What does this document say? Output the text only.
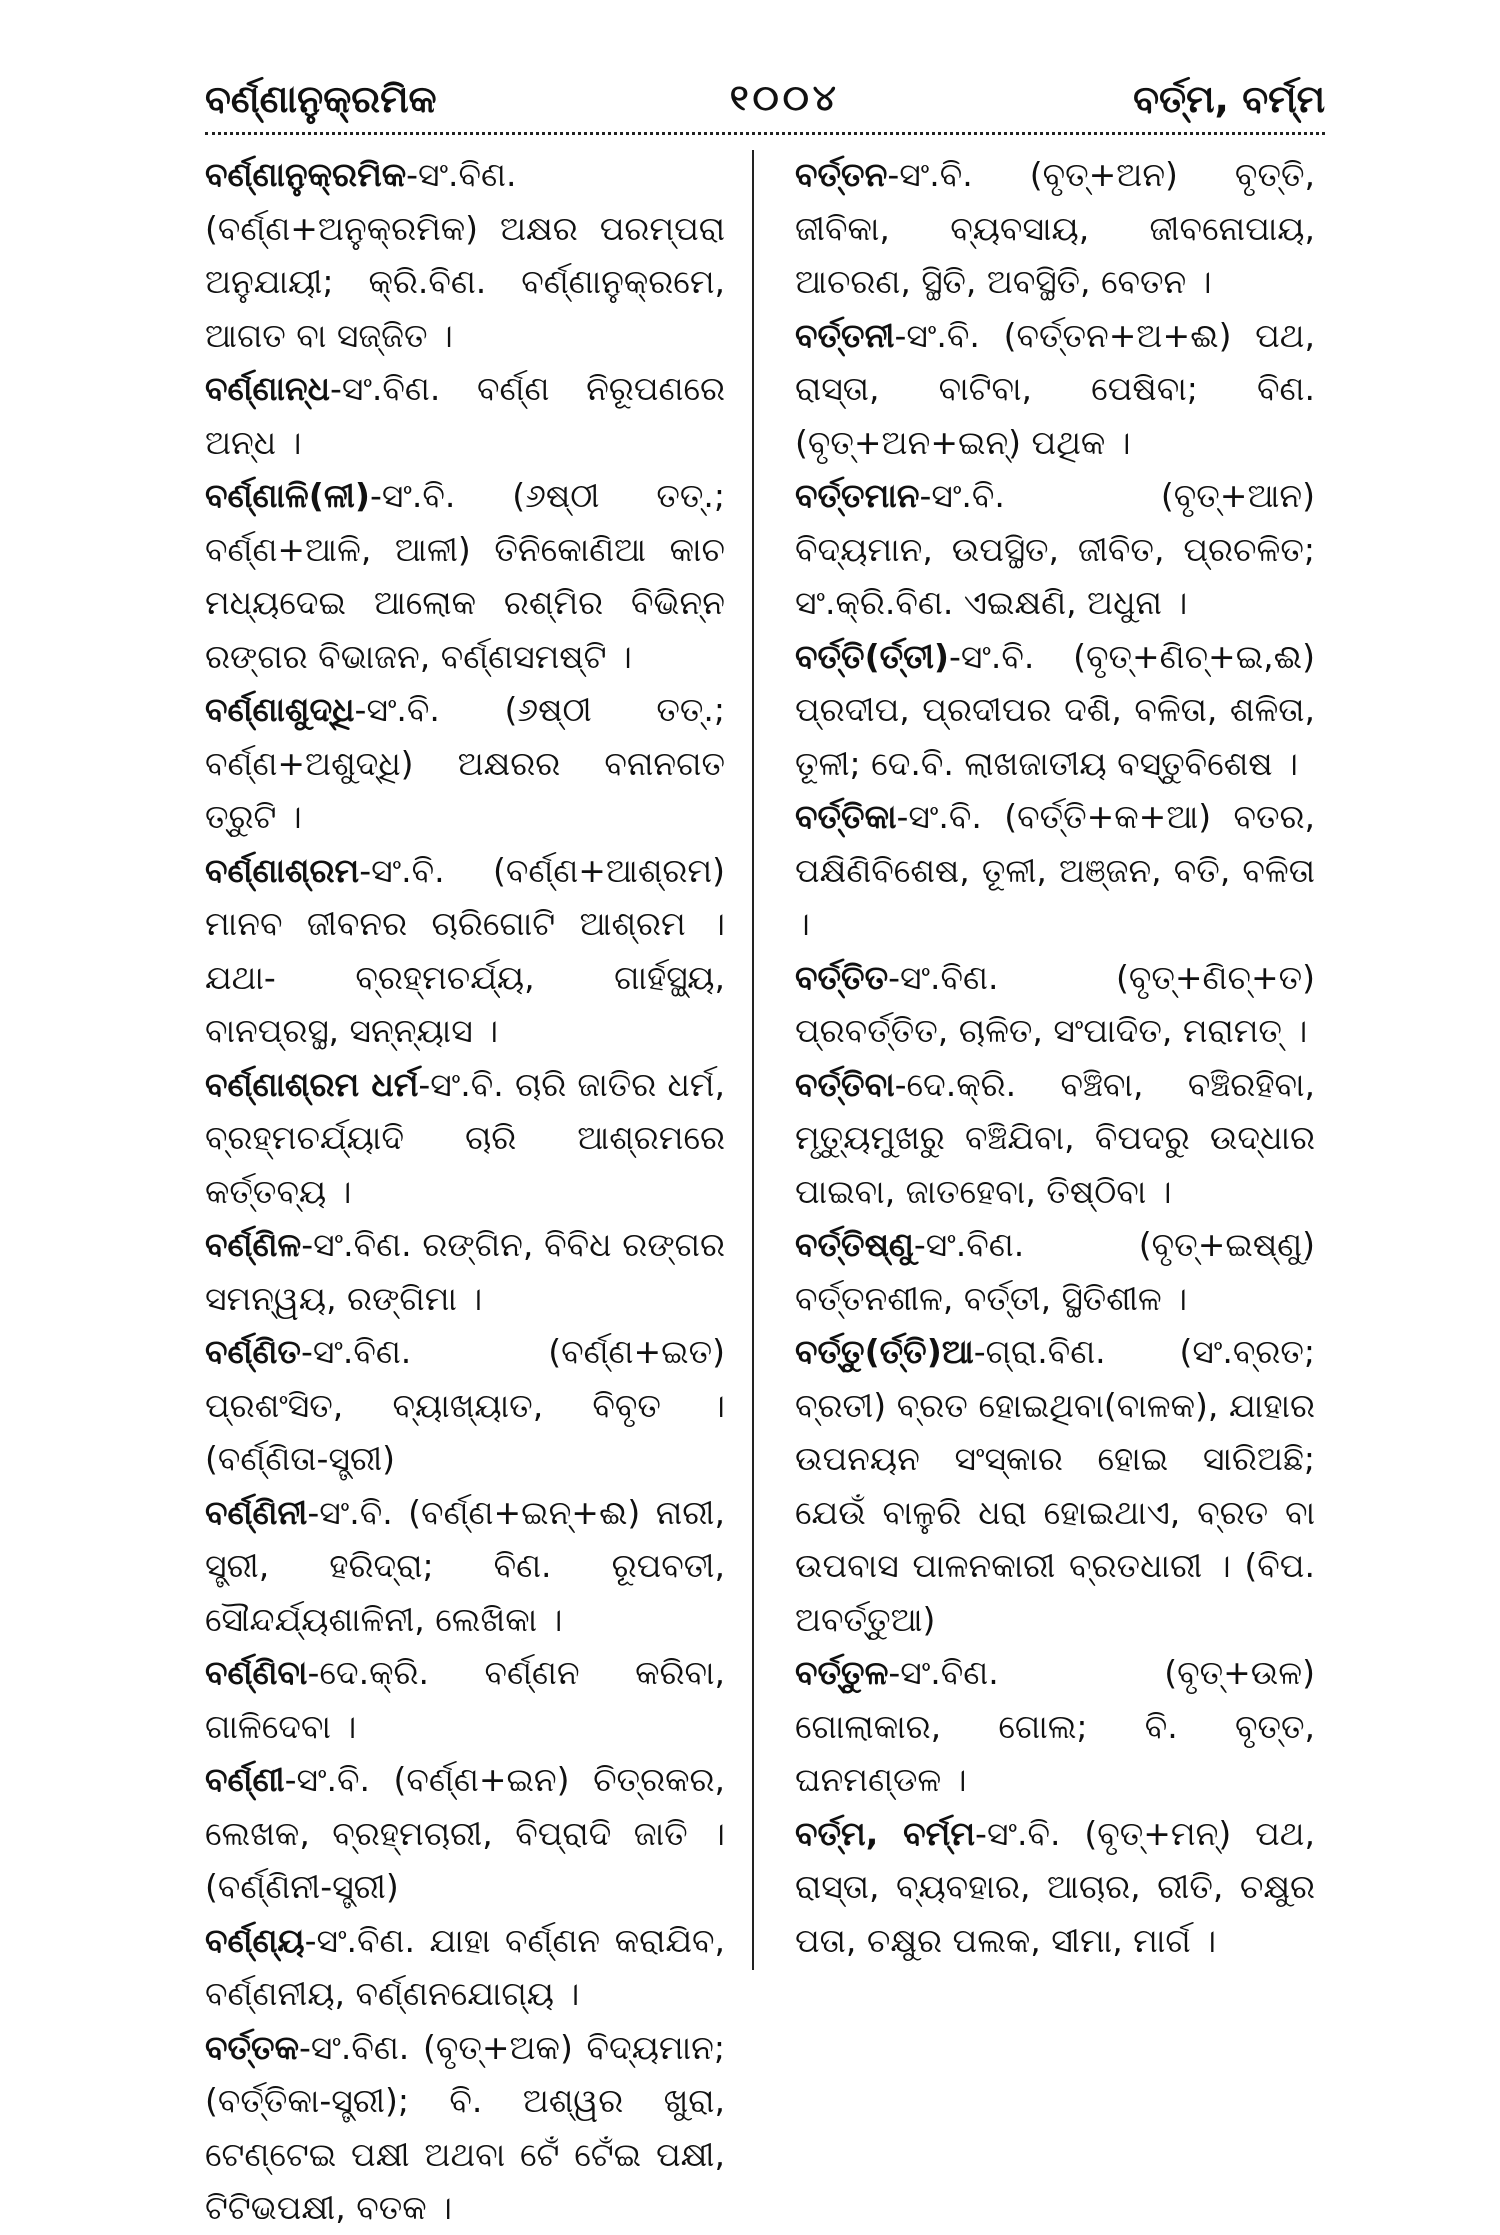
ବର୍ଣ୍ଣାନୁକ୍ରମିକ	୧୦୦୪	ବର୍ତ୍ମ, ବର୍ମ୍ମ

ବର୍ଣ୍ଣାନୁକ୍ରମିକ-ସଂ.ବିଣ.(ବର୍ଣ୍ଣ+ଅନୁକ୍ରମିକ) ଅକ୍ଷର ପରମ୍ପରା ଅନୁଯାୟୀ; କ୍ରି.ବିଣ. ବର୍ଣ୍ଣାନୁକ୍ରମେ, ଆଗତ ବା ସଜ୍ଜିତ ।

ବର୍ଣ୍ଣାନ୍ଧ-ସଂ.ବିଣ. ବର୍ଣ୍ଣ ନିରୂପଣରେ ଅନ୍ଧ ।

ବର୍ଣ୍ଣାଳି(ଳୀ)-ସଂ.ବି. (୬ଷ୍ଠୀ ତତ୍.; ବର୍ଣ୍ଣ+ଆଳି, ଆଳୀ) ତିନିକୋଣିଆ କାଚ ମଧ୍ୟଦେଇ ଆଲୋକ ରଶ୍ମିର ବିଭିନ୍ନ ରଙ୍ଗର ବିଭାଜନ, ବର୍ଣ୍ଣସମଷ୍ଟି ।

ବର୍ଣ୍ଣାଶୁଦ୍ଧି-ସଂ.ବି. (୬ଷ୍ଠୀ ତତ୍.; ବର୍ଣ୍ଣ+ଅଶୁଦ୍ଧି) ଅକ୍ଷରର ବନାନଗତ ତ୍ରୁଟି ।

ବର୍ଣ୍ଣାଶ୍ରମ-ସଂ.ବି. (ବର୍ଣ୍ଣ+ଆଶ୍ରମ) ମାନବ ଜୀବନର ଚାରିଗୋଟି ଆଶ୍ରମ । ଯଥା- ବ୍ରହ୍ମଚର୍ଯ୍ୟ, ଗାର୍ହସ୍ଥ୍ୟ, ବାନପ୍ରସ୍ଥ, ସନ୍ନ୍ୟାସ ।

ବର୍ଣ୍ଣାଶ୍ରମ ଧର୍ମ-ସଂ.ବି. ଚାରି ଜାତିର ଧର୍ମ, ବ୍ରହ୍ମଚର୍ଯ୍ୟାଦି ଚାରି ଆଶ୍ରମରେ କର୍ତ୍ତବ୍ୟ ।

ବର୍ଣ୍ଣିଳ-ସଂ.ବିଣ. ରଙ୍ଗିନ, ବିବିଧ ରଙ୍ଗର ସମନ୍ୱୟ, ରଙ୍ଗିମା ।

ବର୍ଣ୍ଣିତ-ସଂ.ବିଣ. (ବର୍ଣ୍ଣ+ଇତ) ପ୍ରଶଂସିତ, ବ୍ୟାଖ୍ୟାତ, ବିବୃତ । (ବର୍ଣ୍ଣିତା-ସ୍ତ୍ରୀ)

ବର୍ଣ୍ଣିନୀ-ସଂ.ବି. (ବର୍ଣ୍ଣ+ଇନ୍+ଈ) ନାରୀ, ସ୍ତ୍ରୀ, ହରିଦ୍ରା; ବିଣ. ରୂପବତୀ, ସୌନ୍ଦର୍ଯ୍ୟଶାଳିନୀ, ଲେଖିକା ।

ବର୍ଣ୍ଣିବା-ଦେ.କ୍ରି. ବର୍ଣ୍ଣନ କରିବା, ଗାଳିଦେବା ।

ବର୍ଣ୍ଣୀ-ସଂ.ବି. (ବର୍ଣ୍ଣ+ଇନ) ଚିତ୍ରକର, ଲେଖକ, ବ୍ରହ୍ମଚାରୀ, ବିପ୍ରାଦି ଜାତି । (ବର୍ଣ୍ଣିନୀ-ସ୍ତ୍ରୀ)

ବର୍ଣ୍ଣ୍ୟ-ସଂ.ବିଣ. ଯାହା ବର୍ଣ୍ଣନ କରାଯିବ, ବର୍ଣ୍ଣନୀୟ, ବର୍ଣ୍ଣନଯୋଗ୍ୟ ।

ବର୍ତ୍ତକ-ସଂ.ବିଣ. (ବୃତ୍+ଅକ) ବିଦ୍ୟମାନ; (ବର୍ତ୍ତିକା-ସ୍ତ୍ରୀ); ବି. ଅଶ୍ୱର ଖୁରା, ଟେଣ୍ଟେଇ ପକ୍ଷୀ ଅଥବା ଟେଁ ଟେଁଇ ପକ୍ଷୀ, ଟିଟିଭପକ୍ଷୀ, ବତକ ।

ବର୍ତ୍ତନ-ସଂ.ବି. (ବୃତ୍+ଅନ) ବୃତ୍ତି, ଜୀବିକା, ବ୍ୟବସାୟ, ଜୀବନୋପାୟ, ଆଚରଣ, ସ୍ଥିତି, ଅବସ୍ଥିତି, ବେତନ ।

ବର୍ତ୍ତନୀ-ସଂ.ବି. (ବର୍ତ୍ତନ+ଅ+ଈ) ପଥ, ରାସ୍ତା, ବାଟିବା, ପେଷିବା; ବିଣ. (ବୃତ୍+ଅନ+ଇନ୍) ପଥିକ ।

ବର୍ତ୍ତମାନ-ସଂ.ବି. (ବୃତ୍+ଆନ) ବିଦ୍ୟମାନ, ଉପସ୍ଥିତ, ଜୀବିତ, ପ୍ରଚଳିତ; ସଂ.କ୍ରି.ବିଣ. ଏଇକ୍ଷଣି, ଅଧୁନା ।

ବର୍ତ୍ତି(ର୍ତ୍ତୀ)-ସଂ.ବି. (ବୃତ୍+ଣିଚ୍+ଇ,ଈ) ପ୍ରଦୀପ, ପ୍ରଦୀପର ଦଶି, ବଳିତା, ଶଳିତା, ତୂଳୀ; ଦେ.ବି. ଲାଖଜାତୀୟ ବସ୍ତୁବିଶେଷ ।

ବର୍ତ୍ତିକା-ସଂ.ବି. (ବର୍ତ୍ତି+କ+ଆ) ବତର, ପକ୍ଷିଣିବିଶେଷ, ତୂଳୀ, ଅଞ୍ଜନ, ବତି, ବଳିତା ।

ବର୍ତ୍ତିତ-ସଂ.ବିଣ. (ବୃତ୍+ଣିଚ୍+ତ) ପ୍ରବର୍ତ୍ତିତ, ଚାଳିତ, ସଂପାଦିତ, ମରାମତ୍ ।

ବର୍ତ୍ତିବା-ଦେ.କ୍ରି. ବଞ୍ଚିବା, ବଞ୍ଚିରହିବା, ମୃତ୍ୟୁମୁଖରୁ ବଞ୍ଚିଯିବା, ବିପଦରୁ ଉଦ୍ଧାର ପାଇବା, ଜାତହେବା, ତିଷ୍ଠିବା ।

ବର୍ତ୍ତିଷ୍ଣୁ-ସଂ.ବିଣ. (ବୃତ୍+ଇଷ୍ଣୁ) ବର୍ତ୍ତନଶୀଳ, ବର୍ତ୍ତୀ, ସ୍ଥିତିଶୀଳ ।

ବର୍ତ୍ତୁ(ର୍ତ୍ତି)ଆ-ଗ୍ରା.ବିଣ. (ସଂ.ବ୍ରତ; ବ୍ରତୀ) ବ୍ରତ ହୋଇଥିବା(ବାଳକ), ଯାହାର ଉପନୟନ ସଂସ୍କାର ହୋଇ ସାରିଅଛି; ଯେଉଁ ବାଳୁରି ଧରା ହୋଇଥାଏ, ବ୍ରତ ବା ଉପବାସ ପାଳନକାରୀ ବ୍ରତଧାରୀ । (ବିପ. ଅବର୍ତ୍ତୁଆ)

ବର୍ତ୍ତୁଳ-ସଂ.ବିଣ. (ବୃତ୍+ଉଳ) ଗୋଲାକାର, ଗୋଲ; ବି. ବୃତ୍ତ, ଘନମଣ୍ଡଳ ।

ବର୍ତ୍ମ, ବର୍ମ୍ମ-ସଂ.ବି. (ବୃତ୍+ମନ୍) ପଥ, ରାସ୍ତା, ବ୍ୟବହାର, ଆଚାର, ରୀତି, ଚକ୍ଷୁର ପତା, ଚକ୍ଷୁର ପଲକ, ସୀମା, ମାର୍ଗ ।
